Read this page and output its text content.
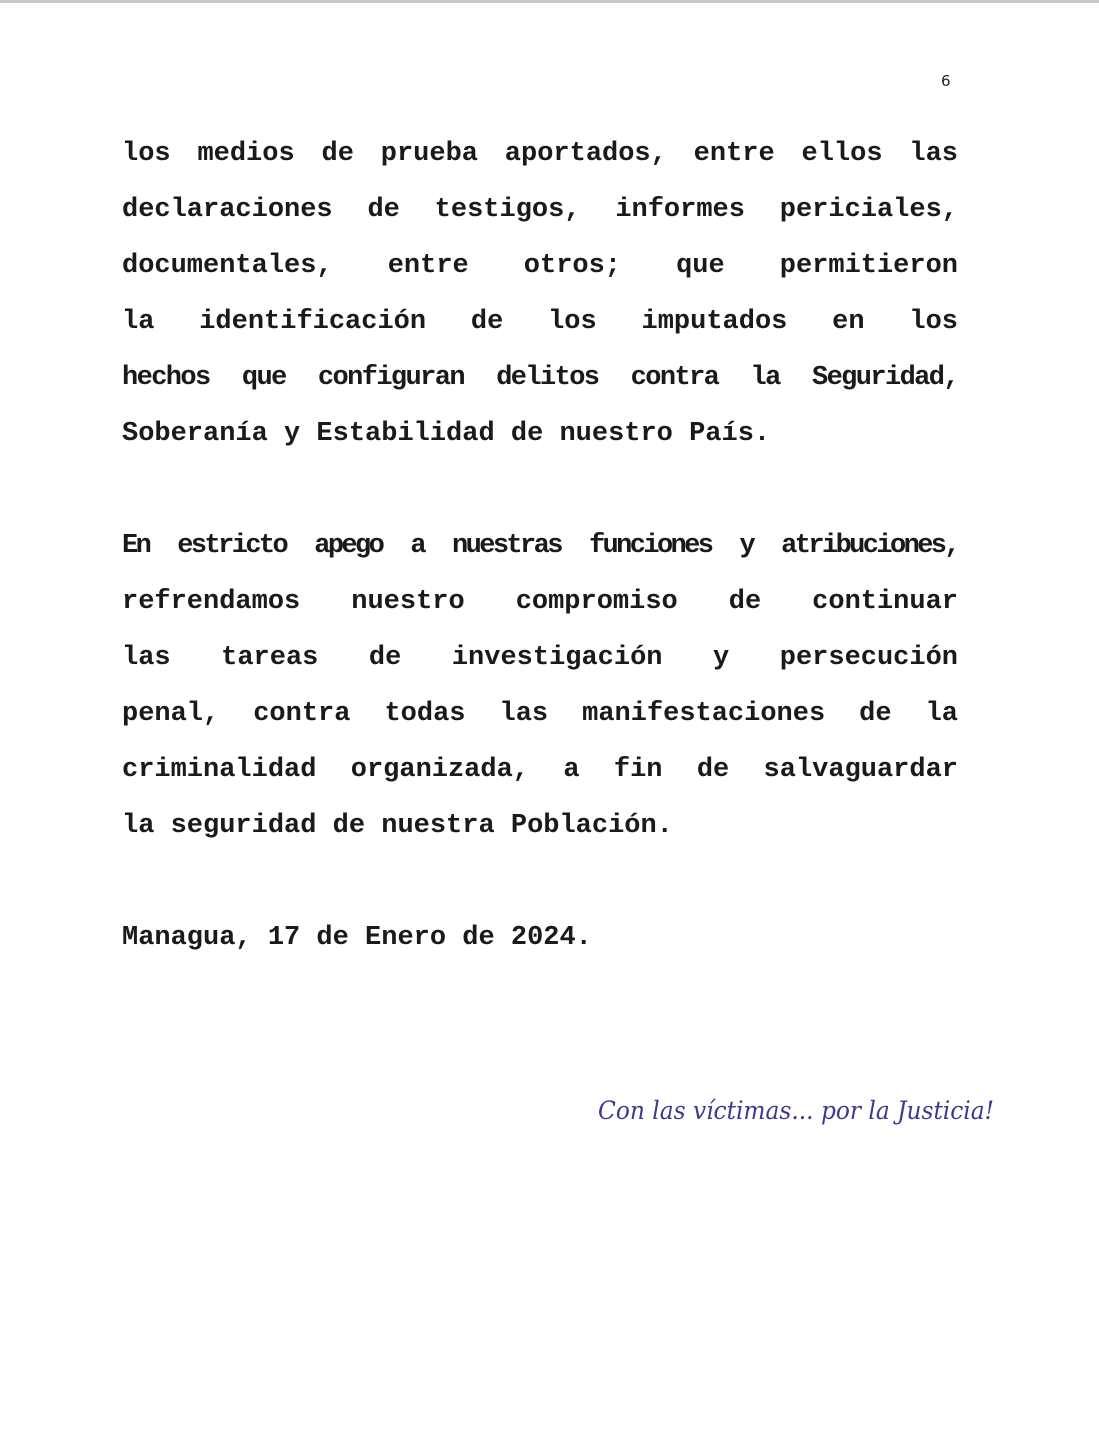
6
los medios de prueba aportados, entre ellos las
declaraciones de testigos, informes periciales,
documentales, entre otros; que permitieron
la identificación de los imputados en los
hechos que configuran delitos contra la Seguridad,
Soberanía y Estabilidad de nuestro País.
En estricto apego a nuestras funciones y atribuciones,
refrendamos nuestro compromiso de continuar
las tareas de investigación y persecución
penal, contra todas las manifestaciones de la
criminalidad organizada, a fin de salvaguardar
la seguridad de nuestra Población.
Managua, 17 de Enero de 2024.
Con las víctimas... por la Justicia!
